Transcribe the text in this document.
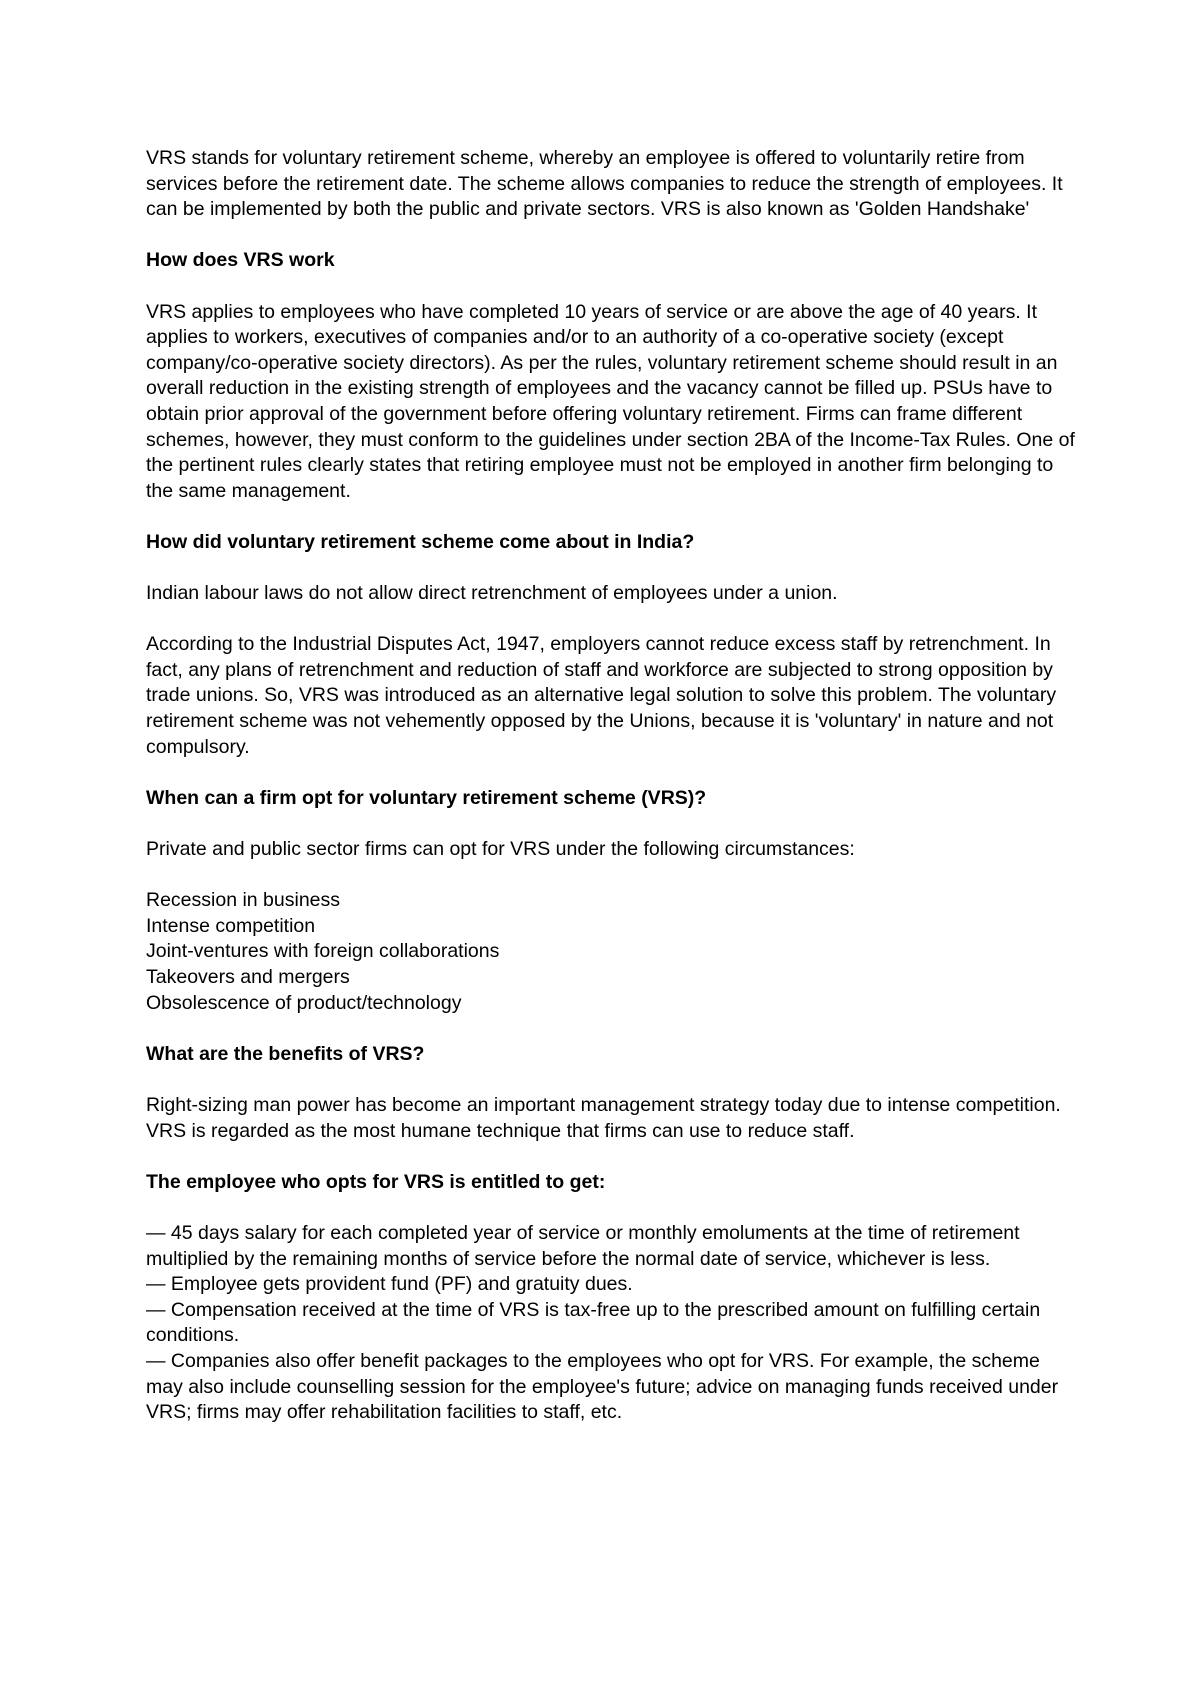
VRS stands for voluntary retirement scheme, whereby an employee is offered to voluntarily retire from services before the retirement date. The scheme allows companies to reduce the strength of employees. It can be implemented by both the public and private sectors. VRS is also known as 'Golden Handshake'

How does VRS work

VRS applies to employees who have completed 10 years of service or are above the age of 40 years. It applies to workers, executives of companies and/or to an authority of a co-operative society (except company/co-operative society directors). As per the rules, voluntary retirement scheme should result in an overall reduction in the existing strength of employees and the vacancy cannot be filled up. PSUs have to obtain prior approval of the government before offering voluntary retirement. Firms can frame different schemes, however, they must conform to the guidelines under section 2BA of the Income-Tax Rules. One of the pertinent rules clearly states that retiring employee must not be employed in another firm belonging to the same management.

How did voluntary retirement scheme come about in India?

Indian labour laws do not allow direct retrenchment of employees under a union.

According to the Industrial Disputes Act, 1947, employers cannot reduce excess staff by retrenchment. In fact, any plans of retrenchment and reduction of staff and workforce are subjected to strong opposition by trade unions. So, VRS was introduced as an alternative legal solution to solve this problem. The voluntary retirement scheme was not vehemently opposed by the Unions, because it is 'voluntary' in nature and not compulsory.

When can a firm opt for voluntary retirement scheme (VRS)?

Private and public sector firms can opt for VRS under the following circumstances:

Recession in business
Intense competition
Joint-ventures with foreign collaborations
Takeovers and mergers
Obsolescence of product/technology

What are the benefits of VRS?

Right-sizing man power has become an important management strategy today due to intense competition. VRS is regarded as the most humane technique that firms can use to reduce staff.

The employee who opts for VRS is entitled to get:

— 45 days salary for each completed year of service or monthly emoluments at the time of retirement multiplied by the remaining months of service before the normal date of service, whichever is less.
— Employee gets provident fund (PF) and gratuity dues.
— Compensation received at the time of VRS is tax-free up to the prescribed amount on fulfilling certain conditions.
— Companies also offer benefit packages to the employees who opt for VRS. For example, the scheme may also include counselling session for the employee's future; advice on managing funds received under VRS; firms may offer rehabilitation facilities to staff, etc.
